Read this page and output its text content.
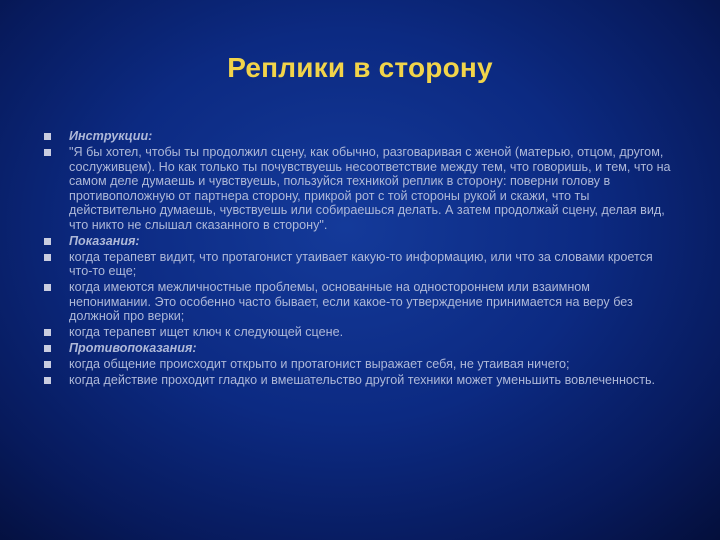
Реплики в сторону
Инструкции:
"Я бы хотел, чтобы ты продолжил сцену, как обычно, разговаривая с женой (матерью, отцом, другом, сослуживцем). Но как только ты почувствуешь несоответствие между тем, что говоришь, и тем, что на самом деле думаешь и чувствуешь, пользуйся техникой реплик в сторону: поверни голову в противоположную от партнера сторону, прикрой рот с той стороны рукой и скажи, что ты действительно думаешь, чувствуешь или собираешься делать. А затем продолжай сцену, делая вид, что никто не слышал сказанного в сторону".
Показания:
когда терапевт видит, что протагонист утаивает какую-то информацию, или что за словами кроется что-то еще;
когда имеются межличностные проблемы, основанные на одностороннем или взаимном непонимании. Это особенно часто бывает, если какое-то утверждение принимается на веру без должной про верки;
когда терапевт ищет ключ к следующей сцене.
Противопоказания:
когда общение происходит открыто и протагонист выражает себя, не утаивая ничего;
когда действие проходит гладко и вмешательство другой техники может уменьшить вовлеченность.
